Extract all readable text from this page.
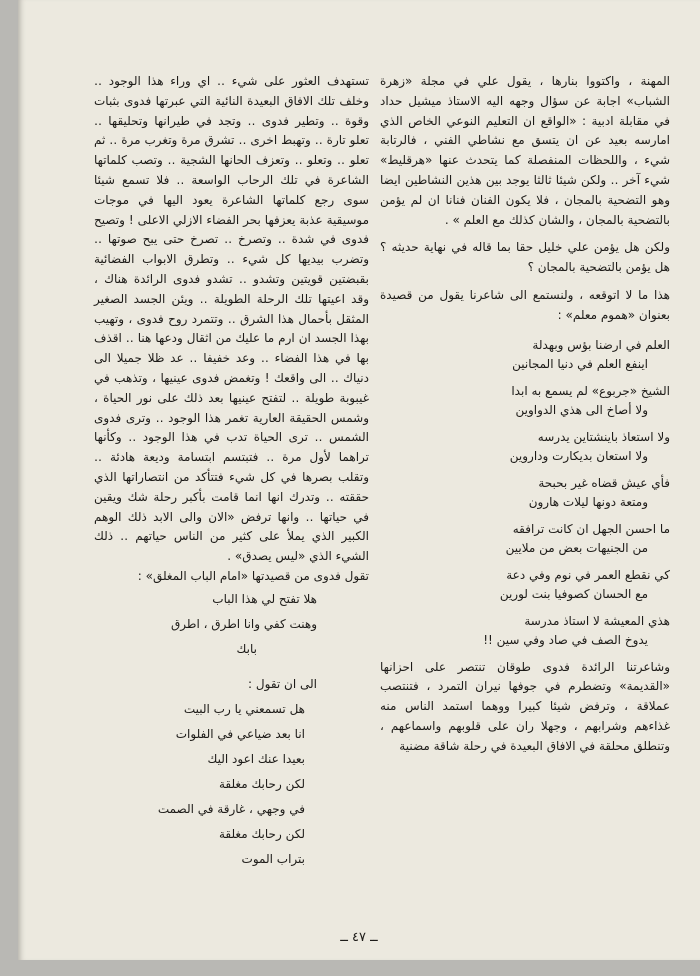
المهنة ، واكتووا بنارها ، يقول علي في مجلة «زهرة الشباب» اجابة عن سؤال وجهه اليه الاستاذ ميشيل حداد في مقابلة ادبية : «الواقع ان التعليم النوعي الخاص الذي امارسه بعيد عن ان يتسق مع نشاطي الفني ، فالرتابة شيء ، واللحظات المنفصلة كما يتحدث عنها «هرقليط» شيء آخر ‥ ولكن شيئا ثالثا يوجد بين هذين النشاطين ايضا وهو التضحية بالمجان ، فلا يكون الفنان فنانا ان لم يؤمن بالتضحية بالمجان ، والشان كذلك مع العلم » .

ولكن هل يؤمن علي خليل حقا بما قاله في نهاية حديثه ؟ هل يؤمن بالتضحية بالمجان ؟

هذا ما لا اتوقعه ، ولنستمع الى شاعرنا يقول من قصيدة بعنوان «هموم معلم» :

العلم في ارضنا بؤس وبهدلة
اينفع العلم في دنيا المجانين
الشيخ «جربوع» لم يسمع به ابدا
ولا أصاخ الى هذي الدواوين
ولا استعاذ باينشتاين يدرسه
ولا استعان بديكارت وداروين
فأي عيش قضاه غير بحبحة
ومتعة دونها ليلات هارون
ما احسن الجهل ان كانت ترافقه
من الجنيهات بعض من ملايين
كي نقطع العمر في نوم وفي دعة
مع الحسان كصوفيا بنت لورين
هذي المعيشة لا استاذ مدرسة
يدوخ الصف في صاد وفي سين !!

وشاعرتنا الرائدة فدوى طوقان تنتصر على احزانها «القديمة» وتضطرم في جوفها نيران التمرد ، فتنتصب عملاقة ، وترفض شيئا كبيرا ووهما استمد الناس منه غذاءهم وشرابهم ، وجهلا ران على قلوبهم واسماعهم ، وتنطلق محلقة في الافاق البعيدة في رحلة شاقة مضنية

تستهدف العثور على شيء ‥ اي وراء هذا الوجود ‥ وخلف تلك الافاق البعيدة النائية التي عبرتها فدوى بثبات وقوة ‥ وتطير فدوى ‥ وتجد في طيرانها وتحليقها ‥ تعلو تارة ‥ وتهبط اخرى ‥ تشرق مرة وتغرب مرة ‥ ثم تعلو ‥ وتعلو ‥ وتعزف الحانها الشجية ‥ وتصب كلماتها الشاعرة في تلك الرحاب الواسعة ‥ فلا تسمع شيئا سوى رجع كلماتها الشاعرة يعود اليها في موجات موسيقية عذبة يعزفها بحر الفضاء الازلي الاعلى ! وتصيح فدوى في شدة ‥ وتصرخ ‥ تصرخ حتى يبح صوتها ‥ وتضرب بيديها كل شيء ‥ وتطرق الابواب الفضائية بقبضتين قويتين وتشدو ‥ تشدو فدوى الرائدة هناك ، وقد اعيتها تلك الرحلة الطويلة ‥ ويئن الجسد الصغير المثقل بأحمال هذا الشرق ‥ وتتمرد روح فدوى ، وتهيب بهذا الجسد ان ارم ما عليك من اثقال ودعها هنا ‥ اقذف بها في هذا الفضاء ‥ وعد خفيفا ‥ عد ظلا جميلا الى دنياك ‥ الى واقعك ! وتغمض فدوى عينيها ، وتذهب في غيبوبة طويلة ‥ لتفتح عينيها بعد ذلك على نور الحياة ، وشمس الحقيقة العارية تغمر هذا الوجود ‥ وترى فدوى الشمس ‥ ترى الحياة تدب في هذا الوجود ‥ وكأنها تراهما لأول مرة ‥ فتبتسم ابتسامة وديعة هادئة ‥ وتقلب بصرها في كل شيء فتتأكد من انتصاراتها الذي حققته ‥ وتدرك انها انما قامت بأكبر رحلة شك ويقين في حياتها ‥ وانها ترفض «الان والى الابد ذلك الوهم الكبير الذي يملأ على كثير من الناس حياتهم ‥ ذلك الشيء الذي «ليس يصدق» .

تقول فدوى من قصيدتها «امام الباب المغلق» :

هلا تفتح لي هذا الباب
وهنت كفي وانا اطرق ، اطرق
بابك
الى ان تقول :
هل تسمعني يا رب البيت
انا بعد ضياعي في الفلوات
بعيدا عنك اعود اليك
لكن رحابك مغلقة
في وجهي ، غارقة في الصمت
لكن رحابك مغلقة
بتراب الموت
ــ ٤٧ ــ
